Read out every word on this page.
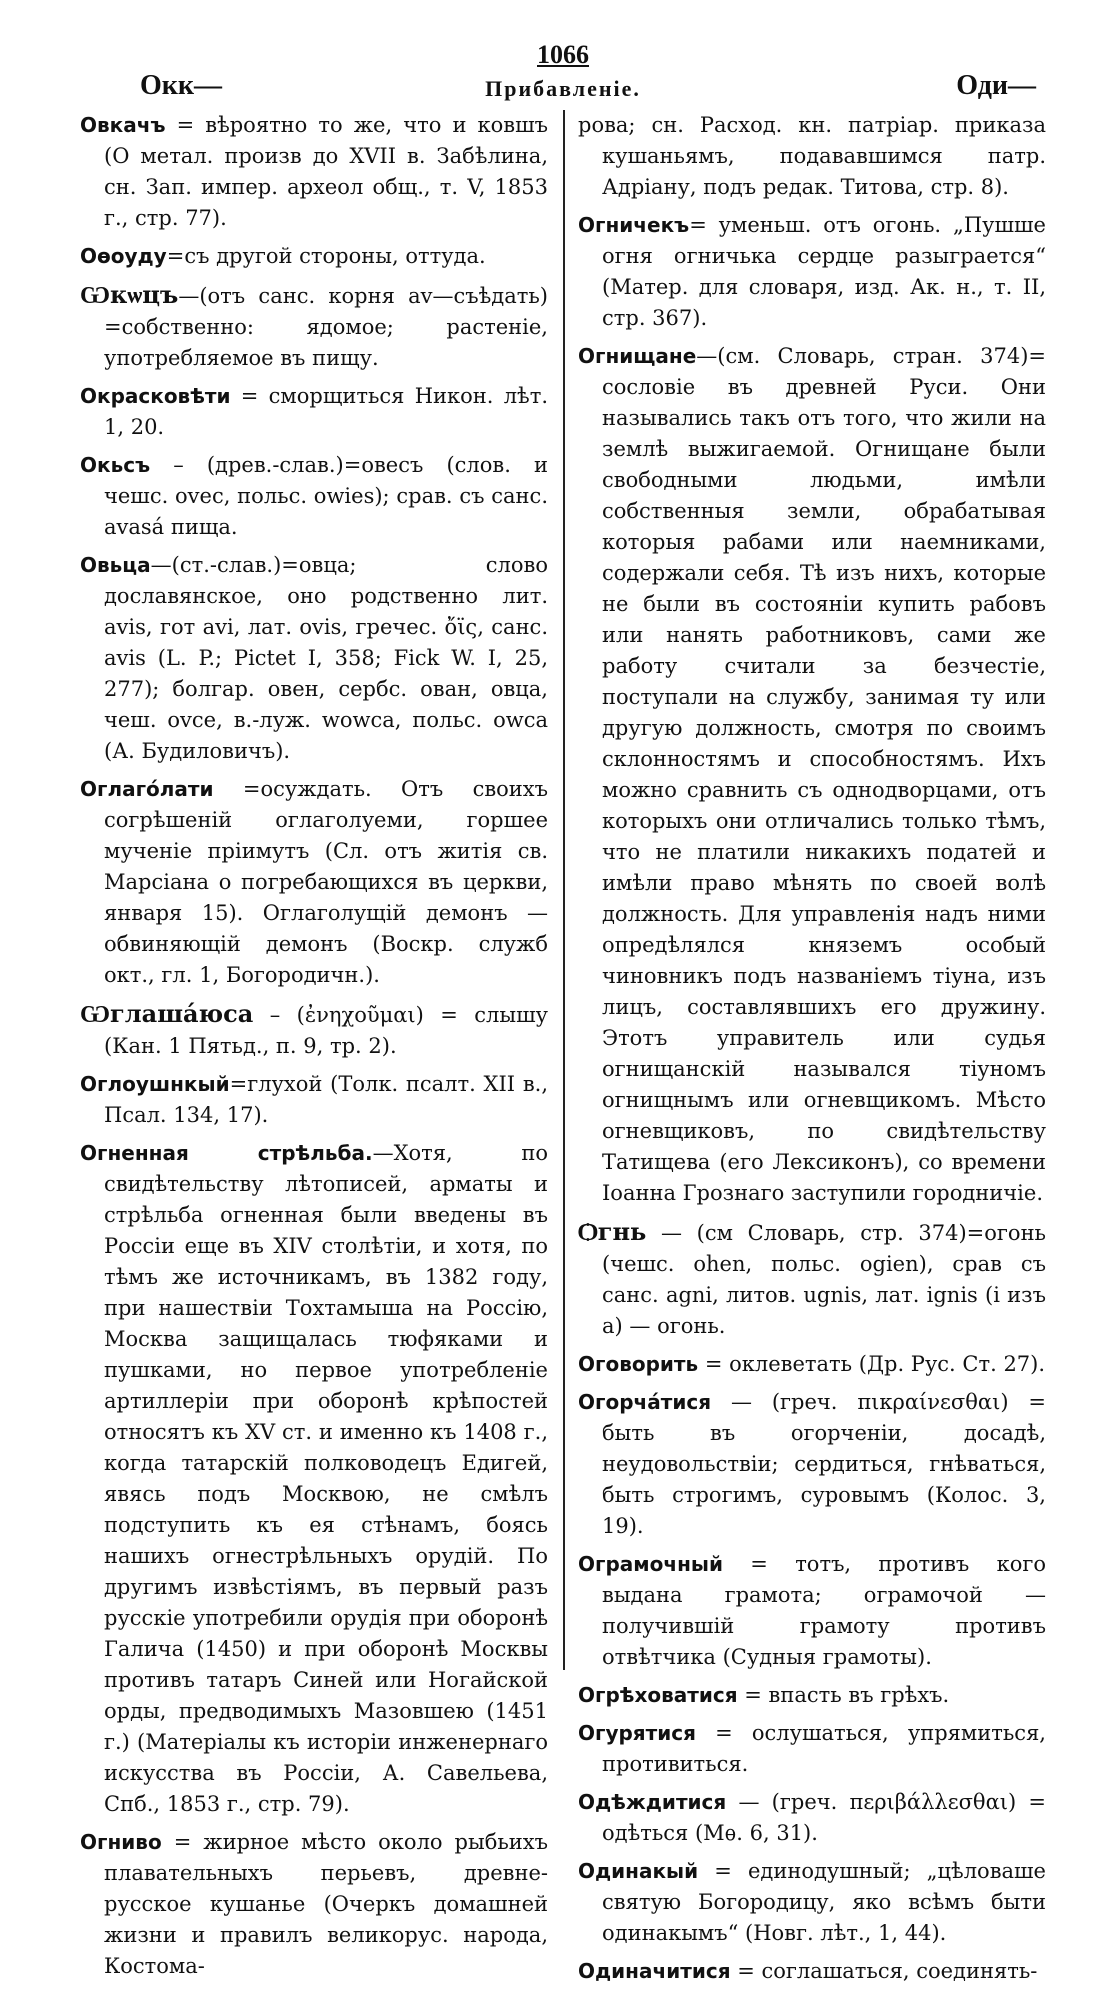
1066
Окк—	Прибавленіе.	Оди—

Овкачъ = вѣроятно то же, что и ковшъ (О метал. произв до XVII в. Забѣлина, сн. Зап. импер. археол общ., т. V, 1853 г., стр. 77).

Оѳоуду=съ другой стороны, оттуда.

Ѡкѡцъ—(отъ санс. корня av—съѣдать) =собственно: ядомое; растеніе, употребляемое въ пищу.

Окрасковѣти = сморщиться Никон. лѣт. 1, 20.

Окьсъ – (древ.-слав.)=овесъ (слов. и чешс. ovec, польс. owies); срав. съ санс. avasá пища.

Овьца—(ст.-слав.)=овца; слово дославянское, оно родственно лит. avis, гот avi, лат. ovis, гречес. ὄϊς, санс. avis (L. P.; Pictet I, 358; Fick W. I, 25, 277); болгар. овен, сербс. ован, овца, чеш. ovce, в.-луж. wowca, польс. owca (А. Будиловичъ).

Оглагóлати =осуждать. Отъ своихъ согрѣшеній оглаголуеми, горшее мученіе пріимутъ (Сл. отъ житія св. Марсіана о погребающихся въ церкви, января 15). Оглаголущій демонъ — обвиняющій демонъ (Воскр. служб окт., гл. 1, Богородичн.).

Ѡглашáюса – (ἐνηχοῦμαι) = слышу (Кан. 1 Пятьд., п. 9, тр. 2).

Оглоушнкый=глухой (Толк. псалт. XII в., Псал. 134, 17).

Огненная стрѣльба.—Хотя, по свидѣтельству лѣтописей, арматы и стрѣльба огненная были введены въ Россіи еще въ XIV столѣтіи, и хотя, по тѣмъ же источникамъ, въ 1382 году, при нашествіи Тохтамыша на Россію, Москва защищалась тюфяками и пушками, но первое употребленіе артиллеріи при оборонѣ крѣпостей относятъ къ XV ст. и именно къ 1408 г., когда татарскій полководецъ Едигей, явясь подъ Москвою, не смѣлъ подступить къ ея стѣнамъ, боясь нашихъ огнестрѣльныхъ орудій. По другимъ извѣстіямъ, въ первый разъ русскіе употребили орудія при оборонѣ Галича (1450) и при оборонѣ Москвы противъ татаръ Синей или Ногайской орды, предводимыхъ Мазовшею (1451 г.) (Матеріалы къ исторіи инженернаго искусства въ Россіи, А. Савельева, Спб., 1853 г., стр. 79).

Огниво = жирное мѣсто около рыбьихъ плавательныхъ перьевъ, древне-русское кушанье (Очеркъ домашней жизни и правилъ великорус. народа, Костома-

рова; сн. Расход. кн. патріар. приказа кушаньямъ, подававшимся патр. Адріану, подъ редак. Титова, стр. 8).

Огничекъ= уменьш. отъ огонь. „Пушше огня огничька сердце разыграется“ (Матер. для словаря, изд. Ак. н., т. II, стр. 367).

Огнищане—(см. Словарь, стран. 374)= сословіе въ древней Руси. Они назывались такъ отъ того, что жили на землѣ выжигаемой. Огнищане были свободными людьми, имѣли собственныя земли, обрабатывая которыя рабами или наемниками, содержали себя. Тѣ изъ нихъ, которые не были въ состояніи купить рабовъ или нанять работниковъ, сами же работу считали за безчестіе, поступали на службу, занимая ту или другую должность, смотря по своимъ склонностямъ и способностямъ. Ихъ можно сравнить съ однодворцами, отъ которыхъ они отличались только тѣмъ, что не платили никакихъ податей и имѣли право мѣнять по своей волѣ должность. Для управленія надъ ними опредѣлялся княземъ особый чиновникъ подъ названіемъ тіуна, изъ лицъ, составлявшихъ его дружину. Этотъ управитель или судья огнищанскій назывался тіуномъ огнищнымъ или огневщикомъ. Мѣсто огневщиковъ, по свидѣтельству Татищева (его Лексиконъ), со времени Іоанна Грознаго заступили городничіе.

Ѻгнь — (см Словарь, стр. 374)=огонь (чешс. ohen, польс. ogien), срав съ санс. agni, литов. ugnis, лат. ignis (i изъ a) — огонь.

Оговорить = оклеветать (Др. Рус. Ст. 27).

Огорчáтися — (греч. πικραίνεσθαι) = быть въ огорченіи, досадѣ, неудовольствіи; сердиться, гнѣваться, быть строгимъ, суровымъ (Колос. 3, 19).

Ограмочный = тотъ, противъ кого выдана грамота; ограмочой — получившій грамоту противъ отвѣтчика (Судныя грамоты).

Огрѣховатися = впасть въ грѣхъ.

Огурятися = ослушаться, упрямиться, противиться.

Одѣждитися — (греч. περιβάλλεσθαι) = одѣться (Мѳ. 6, 31).

Одинакый = единодушный; „цѣловаше святую Богородицу, яко всѣмъ быти одинакымъ“ (Новг. лѣт., 1, 44).

Одиначитися = соглашаться, соединять-
